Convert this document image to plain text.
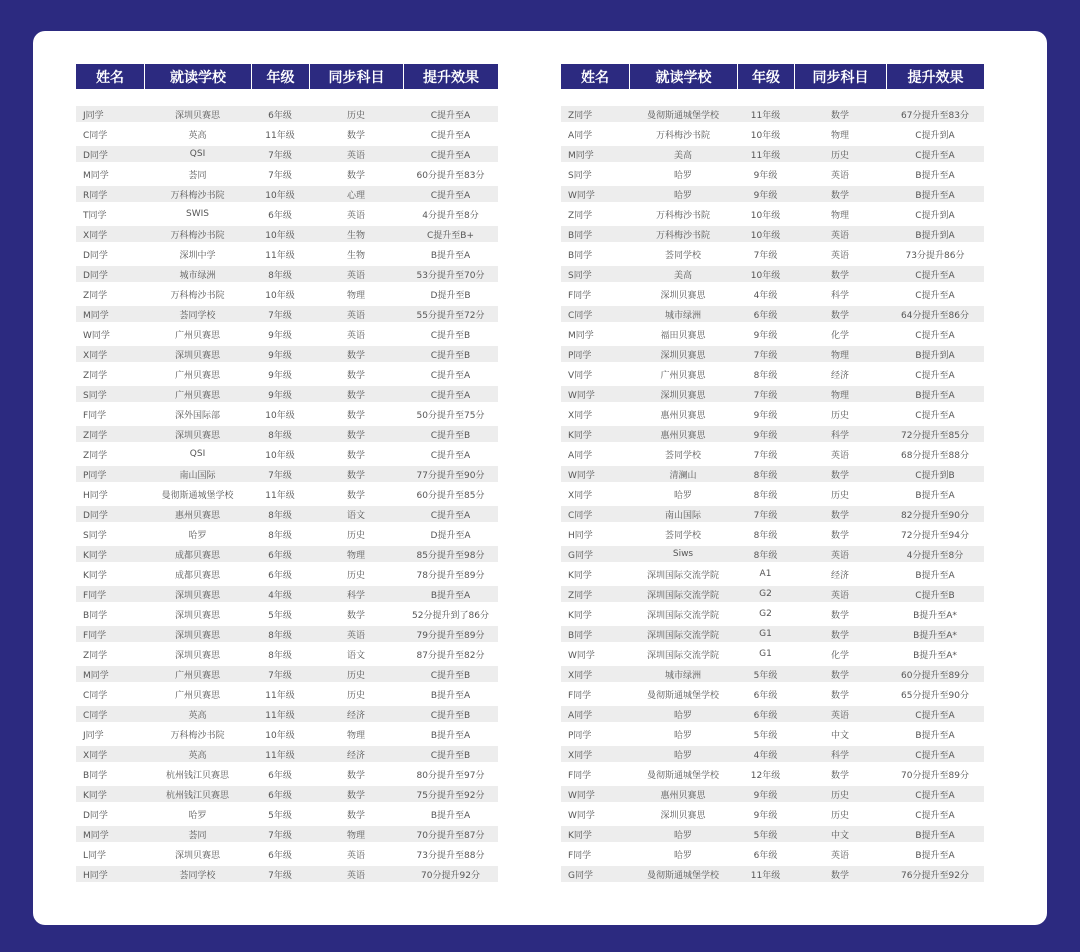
姓名	就读学校	年级	同步科目	提升效果

J同学	深圳贝赛思	6年级	历史	C提升至A
C同学	英高	11年级	数学	C提升至A
D同学	QSI	7年级	英语	C提升至A
M同学	荟同	7年级	数学	60分提升至83分
R同学	万科梅沙书院	10年级	心理	C提升至A
T同学	SWIS	6年级	英语	4分提升至8分
X同学	万科梅沙书院	10年级	生物	C提升至B+
D同学	深圳中学	11年级	生物	B提升至A
D同学	城市绿洲	8年级	英语	53分提升至70分
Z同学	万科梅沙书院	10年级	物理	D提升至B
M同学	荟同学校	7年级	英语	55分提升至72分
W同学	广州贝赛思	9年级	英语	C提升至B
X同学	深圳贝赛思	9年级	数学	C提升至B
Z同学	广州贝赛思	9年级	数学	C提升至A
S同学	广州贝赛思	9年级	数学	C提升至A
F同学	深外国际部	10年级	数学	50分提升至75分
Z同学	深圳贝赛思	8年级	数学	C提升至B
Z同学	QSI	10年级	数学	C提升至A
P同学	南山国际	7年级	数学	77分提升至90分
H同学	曼彻斯通城堡学校	11年级	数学	60分提升至85分
D同学	惠州贝赛思	8年级	语文	C提升至A
S同学	哈罗	8年级	历史	D提升至A
K同学	成都贝赛思	6年级	物理	85分提升至98分
K同学	成都贝赛思	6年级	历史	78分提升至89分
F同学	深圳贝赛思	4年级	科学	B提升至A
B同学	深圳贝赛思	5年级	数学	52分提升到了86分
F同学	深圳贝赛思	8年级	英语	79分提升至89分
Z同学	深圳贝赛思	8年级	语文	87分提升至82分
M同学	广州贝赛思	7年级	历史	C提升至B
C同学	广州贝赛思	11年级	历史	B提升至A
C同学	英高	11年级	经济	C提升至B
J同学	万科梅沙书院	10年级	物理	B提升至A
X同学	英高	11年级	经济	C提升至B
B同学	杭州钱江贝赛思	6年级	数学	80分提升至97分
K同学	杭州钱江贝赛思	6年级	数学	75分提升至92分
D同学	哈罗	5年级	数学	B提升至A
M同学	荟同	7年级	物理	70分提升至87分
L同学	深圳贝赛思	6年级	英语	73分提升至88分
H同学	荟同学校	7年级	英语	70分提升92分
姓名	就读学校	年级	同步科目	提升效果

Z同学	曼彻斯通城堡学校	11年级	数学	67分提升至83分
A同学	万科梅沙书院	10年级	物理	C提升到A
M同学	美高	11年级	历史	C提升至A
S同学	哈罗	9年级	英语	B提升至A
W同学	哈罗	9年级	数学	B提升至A
Z同学	万科梅沙书院	10年级	物理	C提升到A
B同学	万科梅沙书院	10年级	英语	B提升到A
B同学	荟同学校	7年级	英语	73分提升86分
S同学	美高	10年级	数学	C提升至A
F同学	深圳贝赛思	4年级	科学	C提升至A
C同学	城市绿洲	6年级	数学	64分提升至86分
M同学	福田贝赛思	9年级	化学	C提升至A
P同学	深圳贝赛思	7年级	物理	B提升到A
V同学	广州贝赛思	8年级	经济	C提升至A
W同学	深圳贝赛思	7年级	物理	B提升至A
X同学	惠州贝赛思	9年级	历史	C提升至A
K同学	惠州贝赛思	9年级	科学	72分提升至85分
A同学	荟同学校	7年级	英语	68分提升至88分
W同学	清澜山	8年级	数学	C提升到B
X同学	哈罗	8年级	历史	B提升至A
C同学	南山国际	7年级	数学	82分提升至90分
H同学	荟同学校	8年级	数学	72分提升至94分
G同学	Siws	8年级	英语	4分提升至8分
K同学	深圳国际交流学院	A1	经济	B提升至A
Z同学	深圳国际交流学院	G2	英语	C提升至B
K同学	深圳国际交流学院	G2	数学	B提升至A*
B同学	深圳国际交流学院	G1	数学	B提升至A*
W同学	深圳国际交流学院	G1	化学	B提升至A*
X同学	城市绿洲	5年级	数学	60分提升至89分
F同学	曼彻斯通城堡学校	6年级	数学	65分提升至90分
A同学	哈罗	6年级	英语	C提升至A
P同学	哈罗	5年级	中文	B提升至A
X同学	哈罗	4年级	科学	C提升至A
F同学	曼彻斯通城堡学校	12年级	数学	70分提升至89分
W同学	惠州贝赛思	9年级	历史	C提升至A
W同学	深圳贝赛思	9年级	历史	C提升至A
K同学	哈罗	5年级	中文	B提升至A
F同学	哈罗	6年级	英语	B提升至A
G同学	曼彻斯通城堡学校	11年级	数学	76分提升至92分
